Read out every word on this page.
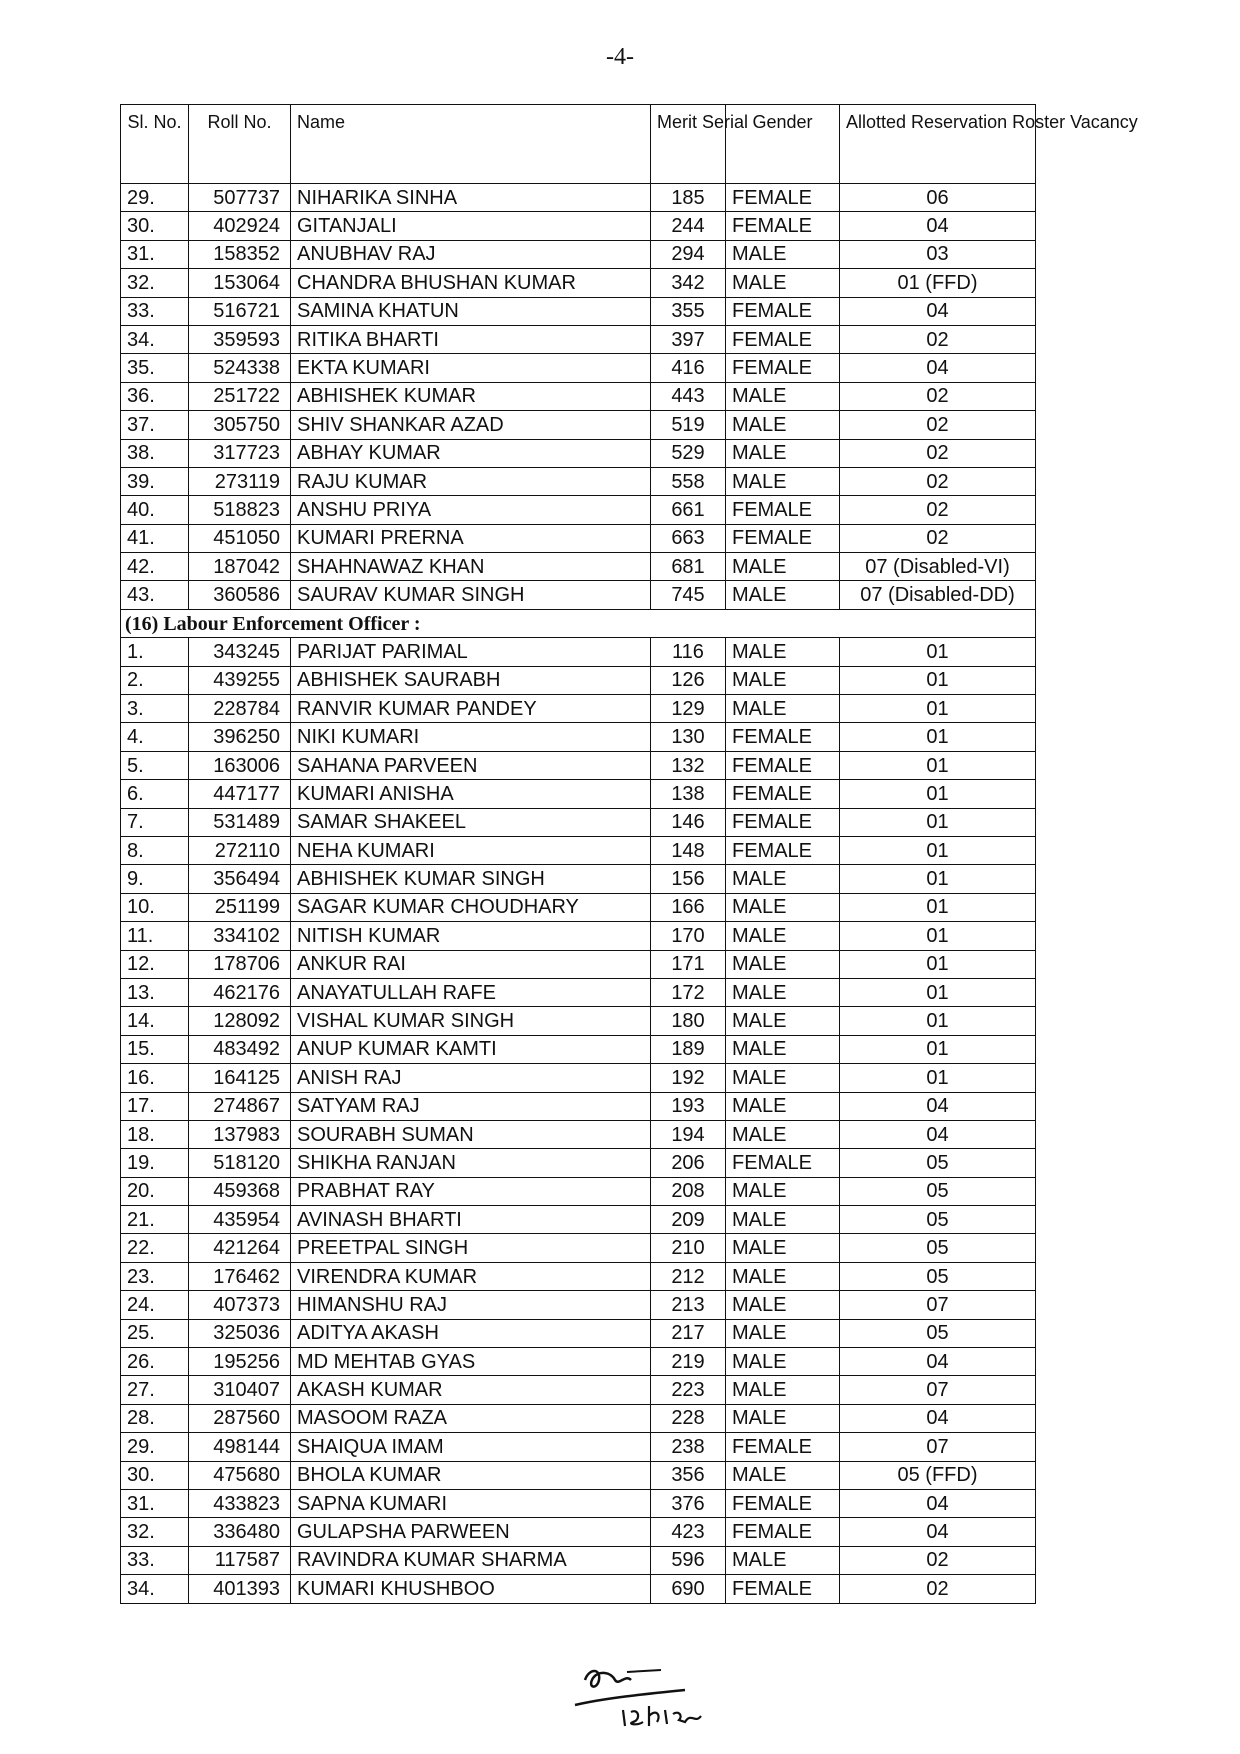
-4-
Sl. No.	Roll No.	Name	Merit Serial	Gender	Allotted Reservation Roster Vacancy
29.	507737	NIHARIKA SINHA	185	FEMALE	06
30.	402924	GITANJALI	244	FEMALE	04
31.	158352	ANUBHAV RAJ	294	MALE	03
32.	153064	CHANDRA BHUSHAN KUMAR	342	MALE	01 (FFD)
33.	516721	SAMINA KHATUN	355	FEMALE	04
34.	359593	RITIKA BHARTI	397	FEMALE	02
35.	524338	EKTA KUMARI	416	FEMALE	04
36.	251722	ABHISHEK KUMAR	443	MALE	02
37.	305750	SHIV SHANKAR AZAD	519	MALE	02
38.	317723	ABHAY KUMAR	529	MALE	02
39.	273119	RAJU KUMAR	558	MALE	02
40.	518823	ANSHU PRIYA	661	FEMALE	02
41.	451050	KUMARI PRERNA	663	FEMALE	02
42.	187042	SHAHNAWAZ KHAN	681	MALE	07 (Disabled-VI)
43.	360586	SAURAV KUMAR SINGH	745	MALE	07 (Disabled-DD)
(16) Labour Enforcement Officer :					
1.	343245	PARIJAT PARIMAL	116	MALE	01
2.	439255	ABHISHEK SAURABH	126	MALE	01
3.	228784	RANVIR KUMAR PANDEY	129	MALE	01
4.	396250	NIKI KUMARI	130	FEMALE	01
5.	163006	SAHANA PARVEEN	132	FEMALE	01
6.	447177	KUMARI ANISHA	138	FEMALE	01
7.	531489	SAMAR SHAKEEL	146	FEMALE	01
8.	272110	NEHA KUMARI	148	FEMALE	01
9.	356494	ABHISHEK KUMAR SINGH	156	MALE	01
10.	251199	SAGAR KUMAR CHOUDHARY	166	MALE	01
11.	334102	NITISH KUMAR	170	MALE	01
12.	178706	ANKUR RAI	171	MALE	01
13.	462176	ANAYATULLAH RAFE	172	MALE	01
14.	128092	VISHAL KUMAR SINGH	180	MALE	01
15.	483492	ANUP KUMAR KAMTI	189	MALE	01
16.	164125	ANISH RAJ	192	MALE	01
17.	274867	SATYAM RAJ	193	MALE	04
18.	137983	SOURABH SUMAN	194	MALE	04
19.	518120	SHIKHA RANJAN	206	FEMALE	05
20.	459368	PRABHAT RAY	208	MALE	05
21.	435954	AVINASH BHARTI	209	MALE	05
22.	421264	PREETPAL SINGH	210	MALE	05
23.	176462	VIRENDRA KUMAR	212	MALE	05
24.	407373	HIMANSHU RAJ	213	MALE	07
25.	325036	ADITYA AKASH	217	MALE	05
26.	195256	MD MEHTAB GYAS	219	MALE	04
27.	310407	AKASH KUMAR	223	MALE	07
28.	287560	MASOOM RAZA	228	MALE	04
29.	498144	SHAIQUA IMAM	238	FEMALE	07
30.	475680	BHOLA KUMAR	356	MALE	05 (FFD)
31.	433823	SAPNA KUMARI	376	FEMALE	04
32.	336480	GULAPSHA PARWEEN	423	FEMALE	04
33.	117587	RAVINDRA KUMAR SHARMA	596	MALE	02
34.	401393	KUMARI KHUSHBOO	690	FEMALE	02
